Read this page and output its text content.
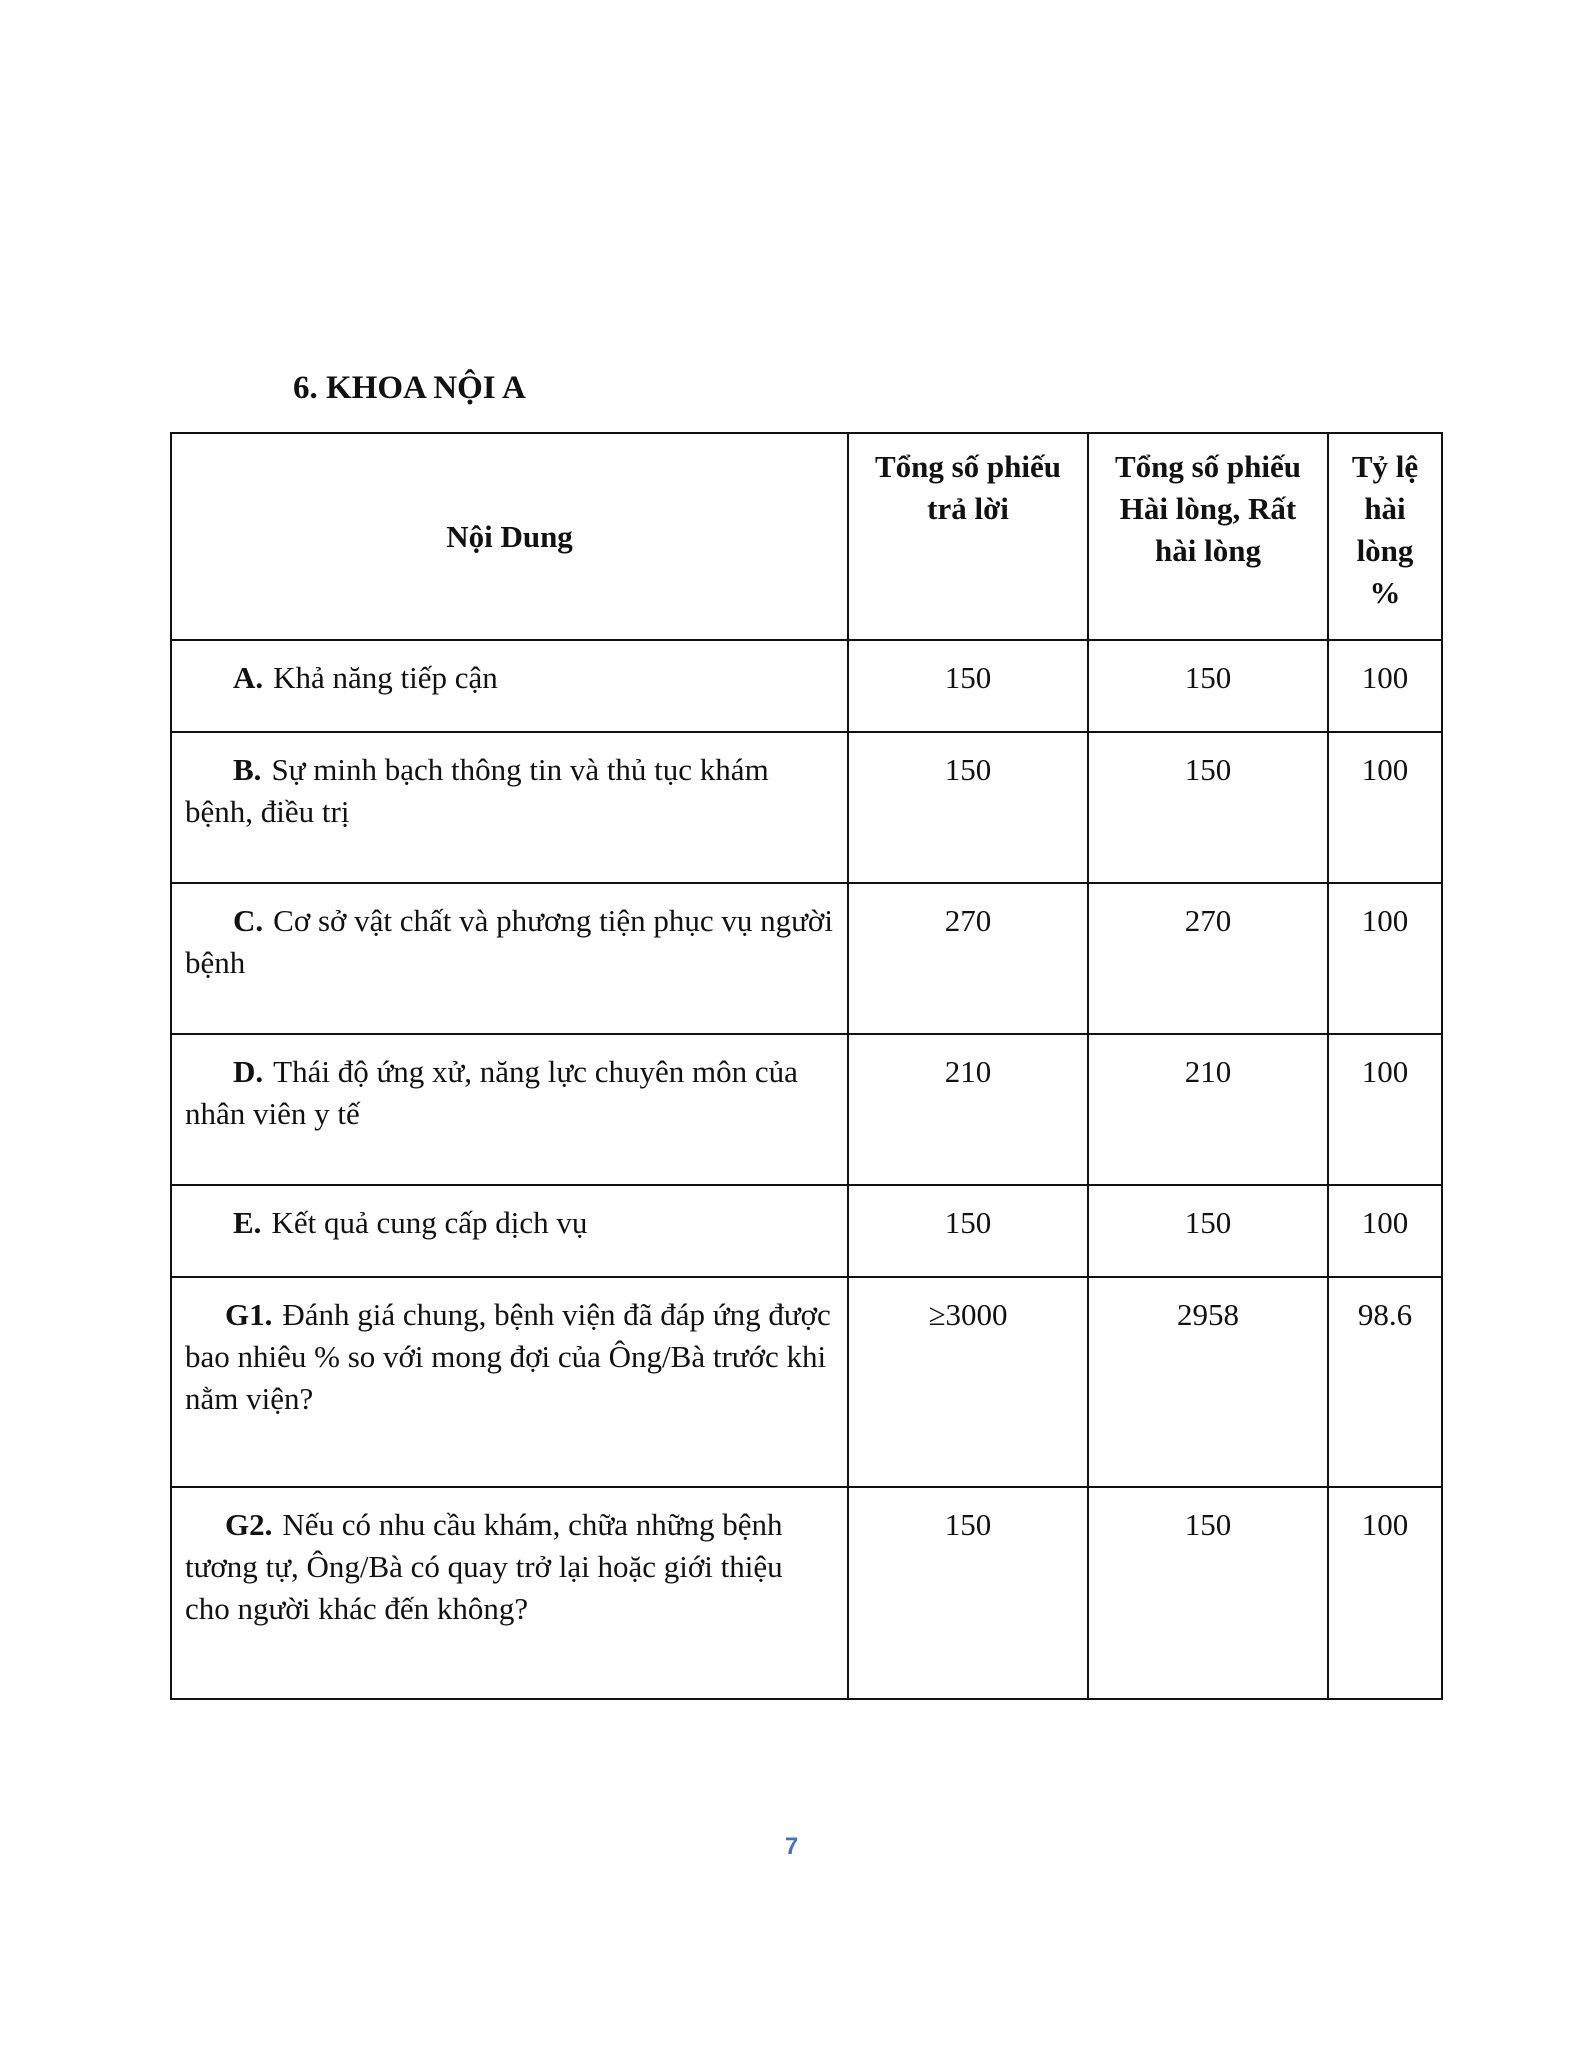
6. KHOA NỘI A
Nội Dung	Tổng số phiếu trả lời	Tổng số phiếu Hài lòng, Rất hài lòng	Tỷ lệ hài lòng %
A. Khả năng tiếp cận	150	150	100
B. Sự minh bạch thông tin và thủ tục khám bệnh, điều trị	150	150	100
C. Cơ sở vật chất và phương tiện phục vụ người bệnh	270	270	100
D. Thái độ ứng xử, năng lực chuyên môn của nhân viên y tế	210	210	100
E. Kết quả cung cấp dịch vụ	150	150	100
G1. Đánh giá chung, bệnh viện đã đáp ứng được bao nhiêu % so với mong đợi của Ông/Bà trước khi nằm viện?	≥3000	2958	98.6
G2. Nếu có nhu cầu khám, chữa những bệnh tương tự, Ông/Bà có quay trở lại hoặc giới thiệu cho người khác đến không?	150	150	100
7
